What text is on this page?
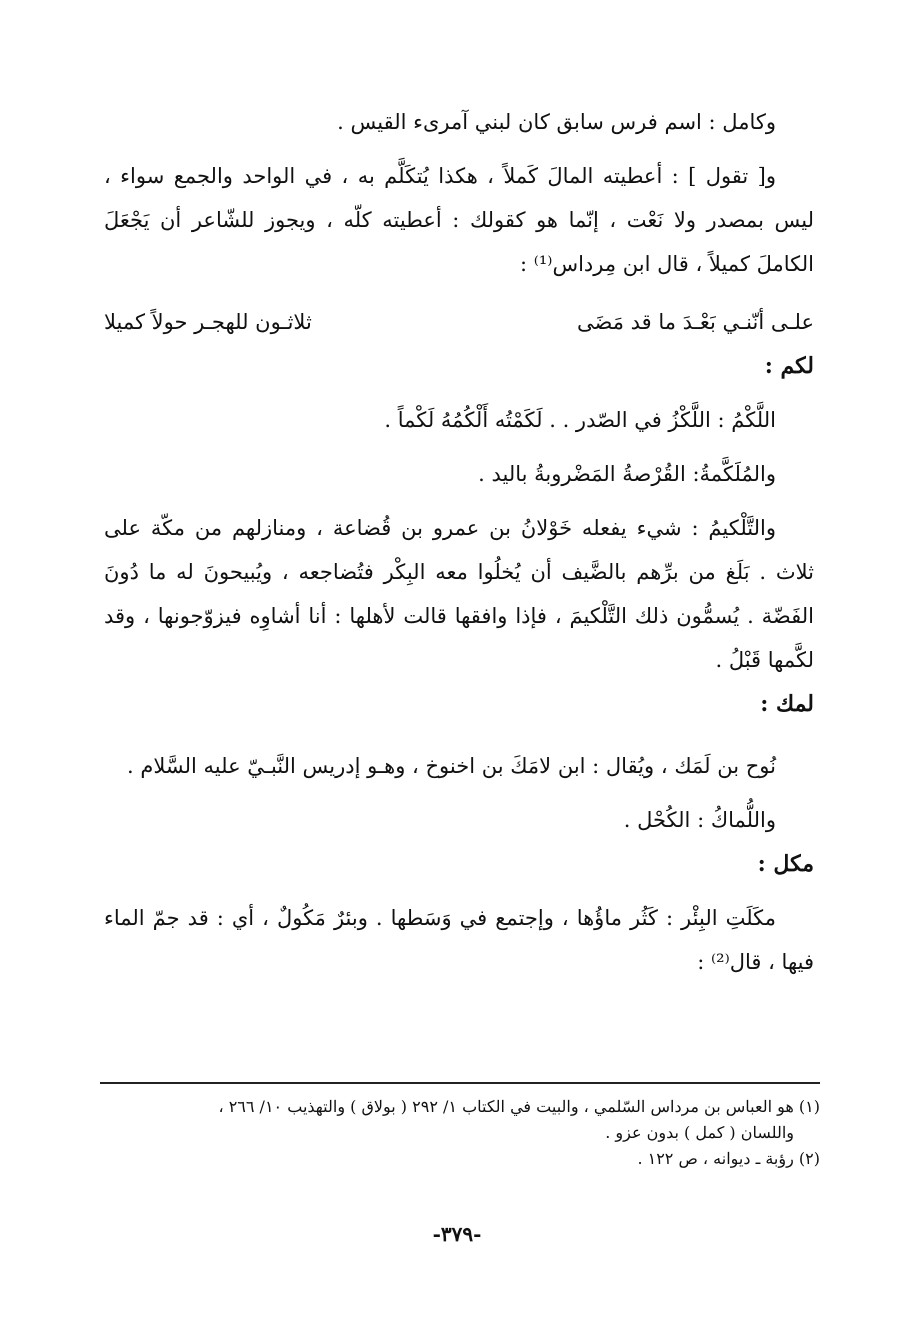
وكامل : اسم فرس سابق كان لبني آمرىء القيس .

و[ تقول ] : أعطيته المالَ كَملاً ، هكذا يُتكَلَّم به ، في الواحد والجمع سواء ، ليس بمصدر ولا نَعْت ، إنّما هو كقولك : أعطيته كلّه ، ويجوز للشّاعر أن يَجْعَلَ الكاملَ كميلاً ، قال ابن مِرداس⁽¹⁾ :

علـى أنّنـي بَعْـدَ ما قد مَضَى
ثلاثـون للهجـر حولاً كميلا

لكم :

اللَّكْمُ : اللَّكْزُ في الصّدر . . لَكَمْتُه أَلْكُمُهُ لَكْماً .

والمُلَكَّمةُ: القُرْصةُ المَضْروبةُ باليد .

والتَّلْكيمُ : شيء يفعله خَوْلانُ بن عمرو بن قُضاعة ، ومنازلهم من مكّة على ثلاث . بَلَغ من برِّهم بالضَّيف أن يُخلُوا معه البِكْر فتُضاجعه ، ويُبيحونَ له ما دُونَ الفَضّة . يُسمُّون ذلك التَّلْكيمَ ، فإذا وافقها قالت لأهلها : أنا أشاوِه فيزوّجونها ، وقد لكَّمها قَبْلُ .

لمك :

نُوح بن لَمَك ، ويُقال : ابن لامَكَ بن اخنوخ ، وهـو إدريس النَّبـيّ عليه السَّلام .

واللُّماكُ : الكُحْل .

مكل :

مكَلَتِ البِئْر : كَثُر ماؤُها ، وإجتمع في وَسَطها . وبئرٌ مَكُولٌ ، أي : قد جمّ الماء فيها ، قال⁽²⁾ :

(١) هو العباس بن مرداس السّلمي ، والبيت في الكتاب ١/ ٢٩٢ ( بولاق ) والتهذيب ١٠/ ٢٦٦ ،

واللسان ( كمل ) بدون عزو .

(٢) رؤبة ـ ديوانه ، ص ١٢٢ .

-٣٧٩-
